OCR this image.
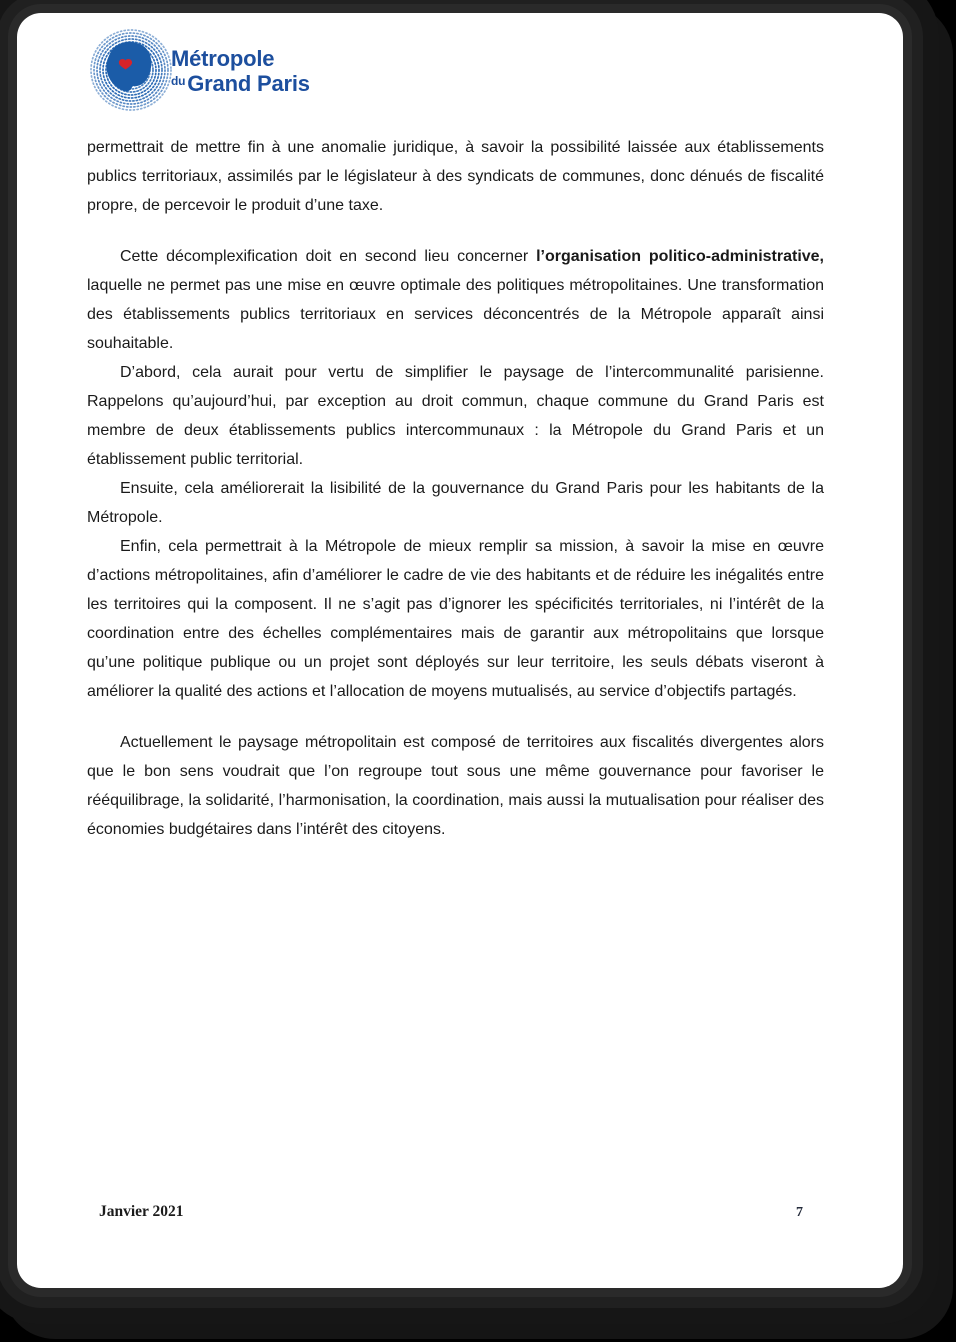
Métropole
$^{du}$Grand Paris

permettrait de mettre fin à une anomalie juridique, à savoir la possibilité laissée aux établissements publics territoriaux, assimilés par le législateur à des syndicats de communes, donc dénués de fiscalité propre, de percevoir le produit d’une taxe.

Cette décomplexification doit en second lieu concerner l’organisation politico-administrative, laquelle ne permet pas une mise en œuvre optimale des politiques métropolitaines. Une transformation des établissements publics territoriaux en services déconcentrés de la Métropole apparaît ainsi souhaitable.

D’abord, cela aurait pour vertu de simplifier le paysage de l’intercommunalité parisienne. Rappelons qu’aujourd’hui, par exception au droit commun, chaque commune du Grand Paris est membre de deux établissements publics intercommunaux : la Métropole du Grand Paris et un établissement public territorial.

Ensuite, cela améliorerait la lisibilité de la gouvernance du Grand Paris pour les habitants de la Métropole.

Enfin, cela permettrait à la Métropole de mieux remplir sa mission, à savoir la mise en œuvre d’actions métropolitaines, afin d’améliorer le cadre de vie des habitants et de réduire les inégalités entre les territoires qui la composent. Il ne s’agit pas d’ignorer les spécificités territoriales, ni l’intérêt de la coordination entre des échelles complémentaires mais de garantir aux métropolitains que lorsque qu’une politique publique ou un projet sont déployés sur leur territoire, les seuls débats viseront à améliorer la qualité des actions et l’allocation de moyens mutualisés, au service d’objectifs partagés.

Actuellement le paysage métropolitain est composé de territoires aux fiscalités divergentes alors que le bon sens voudrait que l’on regroupe tout sous une même gouvernance pour favoriser le rééquilibrage, la solidarité, l’harmonisation, la coordination, mais aussi la mutualisation pour réaliser des économies budgétaires dans l’intérêt des citoyens.

Janvier 2021	7
